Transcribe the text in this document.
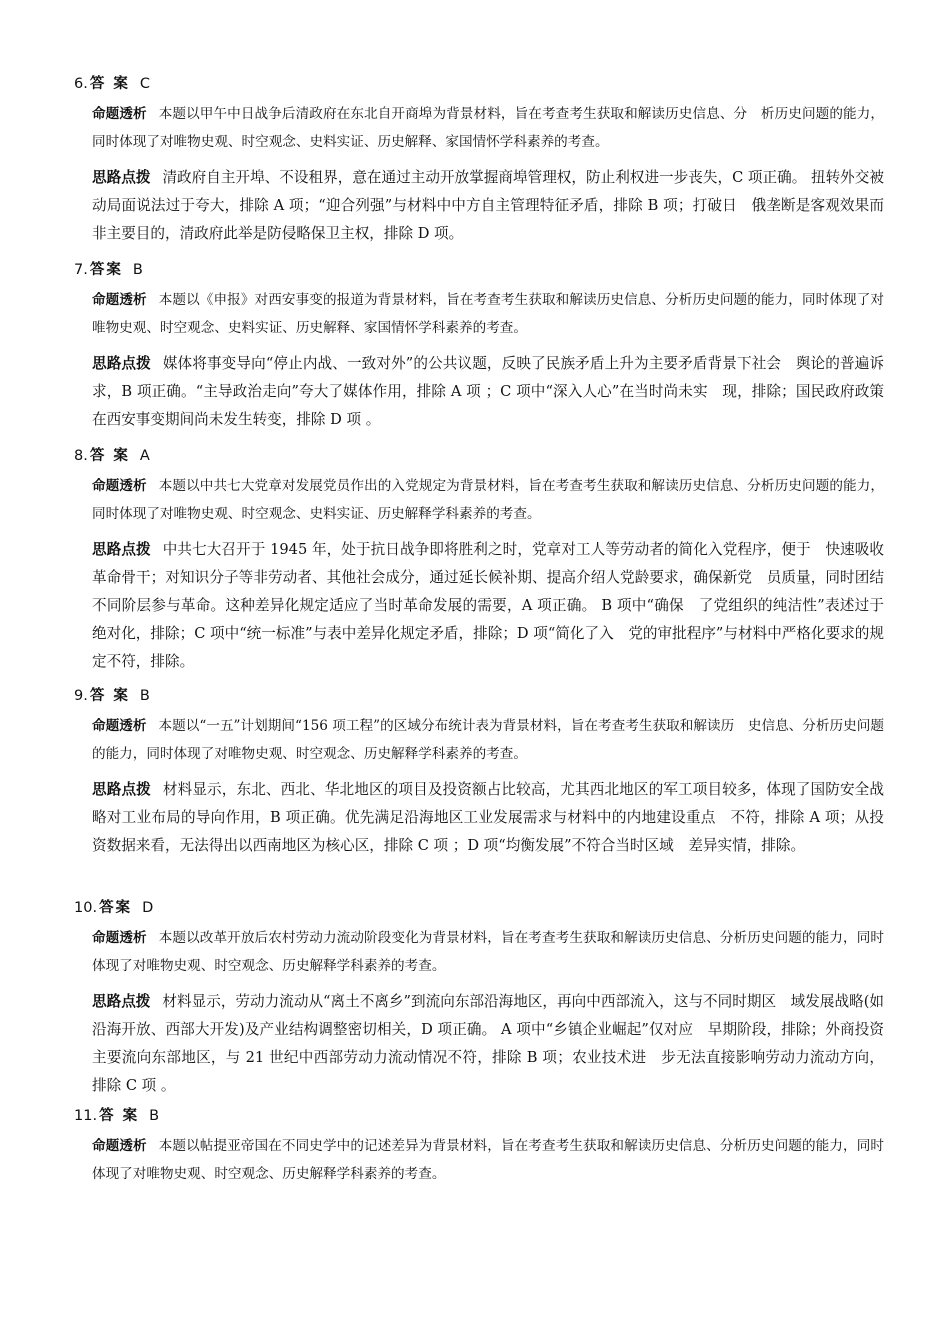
6. 答 案 C
命题透析 本题以甲午中日战争后清政府在东北自开商埠为背景材料，旨在考查考生获取和解读历史信息、分　析历史问题的能力，同时体现了对唯物史观、时空观念、史料实证、历史解释、家国情怀学科素养的考查。
思路点拨 清政府自主开埠、不设租界，意在通过主动开放掌握商埠管理权，防止利权进一步丧失，C 项正确。 扭转外交被动局面说法过于夸大，排除 A 项；“迎合列强”与材料中中方自主管理特征矛盾，排除 B 项；打破日　俄垄断是客观效果而非主要目的，清政府此举是防侵略保卫主权，排除 D 项。
7. 答案 B
命题透析 本题以《申报》对西安事变的报道为背景材料，旨在考查考生获取和解读历史信息、分析历史问题的能力，同时体现了对唯物史观、时空观念、史料实证、历史解释、家国情怀学科素养的考查。
思路点拨 媒体将事变导向“停止内战、一致对外”的公共议题，反映了民族矛盾上升为主要矛盾背景下社会　舆论的普遍诉求，B 项正确。“主导政治走向”夸大了媒体作用，排除 A 项 ；C 项中“深入人心”在当时尚未实　现，排除；国民政府政策在西安事变期间尚未发生转变，排除 D 项 。
8. 答 案 A
命题透析 本题以中共七大党章对发展党员作出的入党规定为背景材料，旨在考查考生获取和解读历史信息、分析历史问题的能力，同时体现了对唯物史观、时空观念、史料实证、历史解释学科素养的考查。
思路点拨 中共七大召开于 1945 年，处于抗日战争即将胜利之时，党章对工人等劳动者的简化入党程序，便于　快速吸收革命骨干；对知识分子等非劳动者、其他社会成分，通过延长候补期、提高介绍人党龄要求，确保新党　员质量，同时团结不同阶层参与革命。这种差异化规定适应了当时革命发展的需要，A 项正确。 B 项中“确保　了党组织的纯洁性”表述过于绝对化，排除；C 项中“统一标准”与表中差异化规定矛盾，排除；D 项“简化了入　党的审批程序”与材料中严格化要求的规定不符，排除。
9. 答 案 B
命题透析 本题以“一五”计划期间“156 项工程”的区域分布统计表为背景材料，旨在考查考生获取和解读历　史信息、分析历史问题的能力，同时体现了对唯物史观、时空观念、历史解释学科素养的考查。
思路点拨 材料显示，东北、西北、华北地区的项目及投资额占比较高，尤其西北地区的军工项目较多，体现了国防安全战略对工业布局的导向作用，B 项正确。优先满足沿海地区工业发展需求与材料中的内地建设重点　不符，排除 A 项；从投资数据来看，无法得出以西南地区为核心区，排除 C 项 ；D 项“均衡发展”不符合当时区域　差异实情，排除。
10. 答案 D
命题透析 本题以改革开放后农村劳动力流动阶段变化为背景材料，旨在考查考生获取和解读历史信息、分析历史问题的能力，同时体现了对唯物史观、时空观念、历史解释学科素养的考查。
思路点拨 材料显示，劳动力流动从“离土不离乡”到流向东部沿海地区，再向中西部流入，这与不同时期区　域发展战略(如沿海开放、西部大开发)及产业结构调整密切相关，D 项正确。 A 项中“乡镇企业崛起”仅对应　早期阶段，排除；外商投资主要流向东部地区，与 21 世纪中西部劳动力流动情况不符，排除 B 项；农业技术进　步无法直接影响劳动力流动方向，排除 C 项 。
11. 答 案 B
命题透析 本题以帖提亚帝国在不同史学中的记述差异为背景材料，旨在考查考生获取和解读历史信息、分析历史问题的能力，同时体现了对唯物史观、时空观念、历史解释学科素养的考查。
